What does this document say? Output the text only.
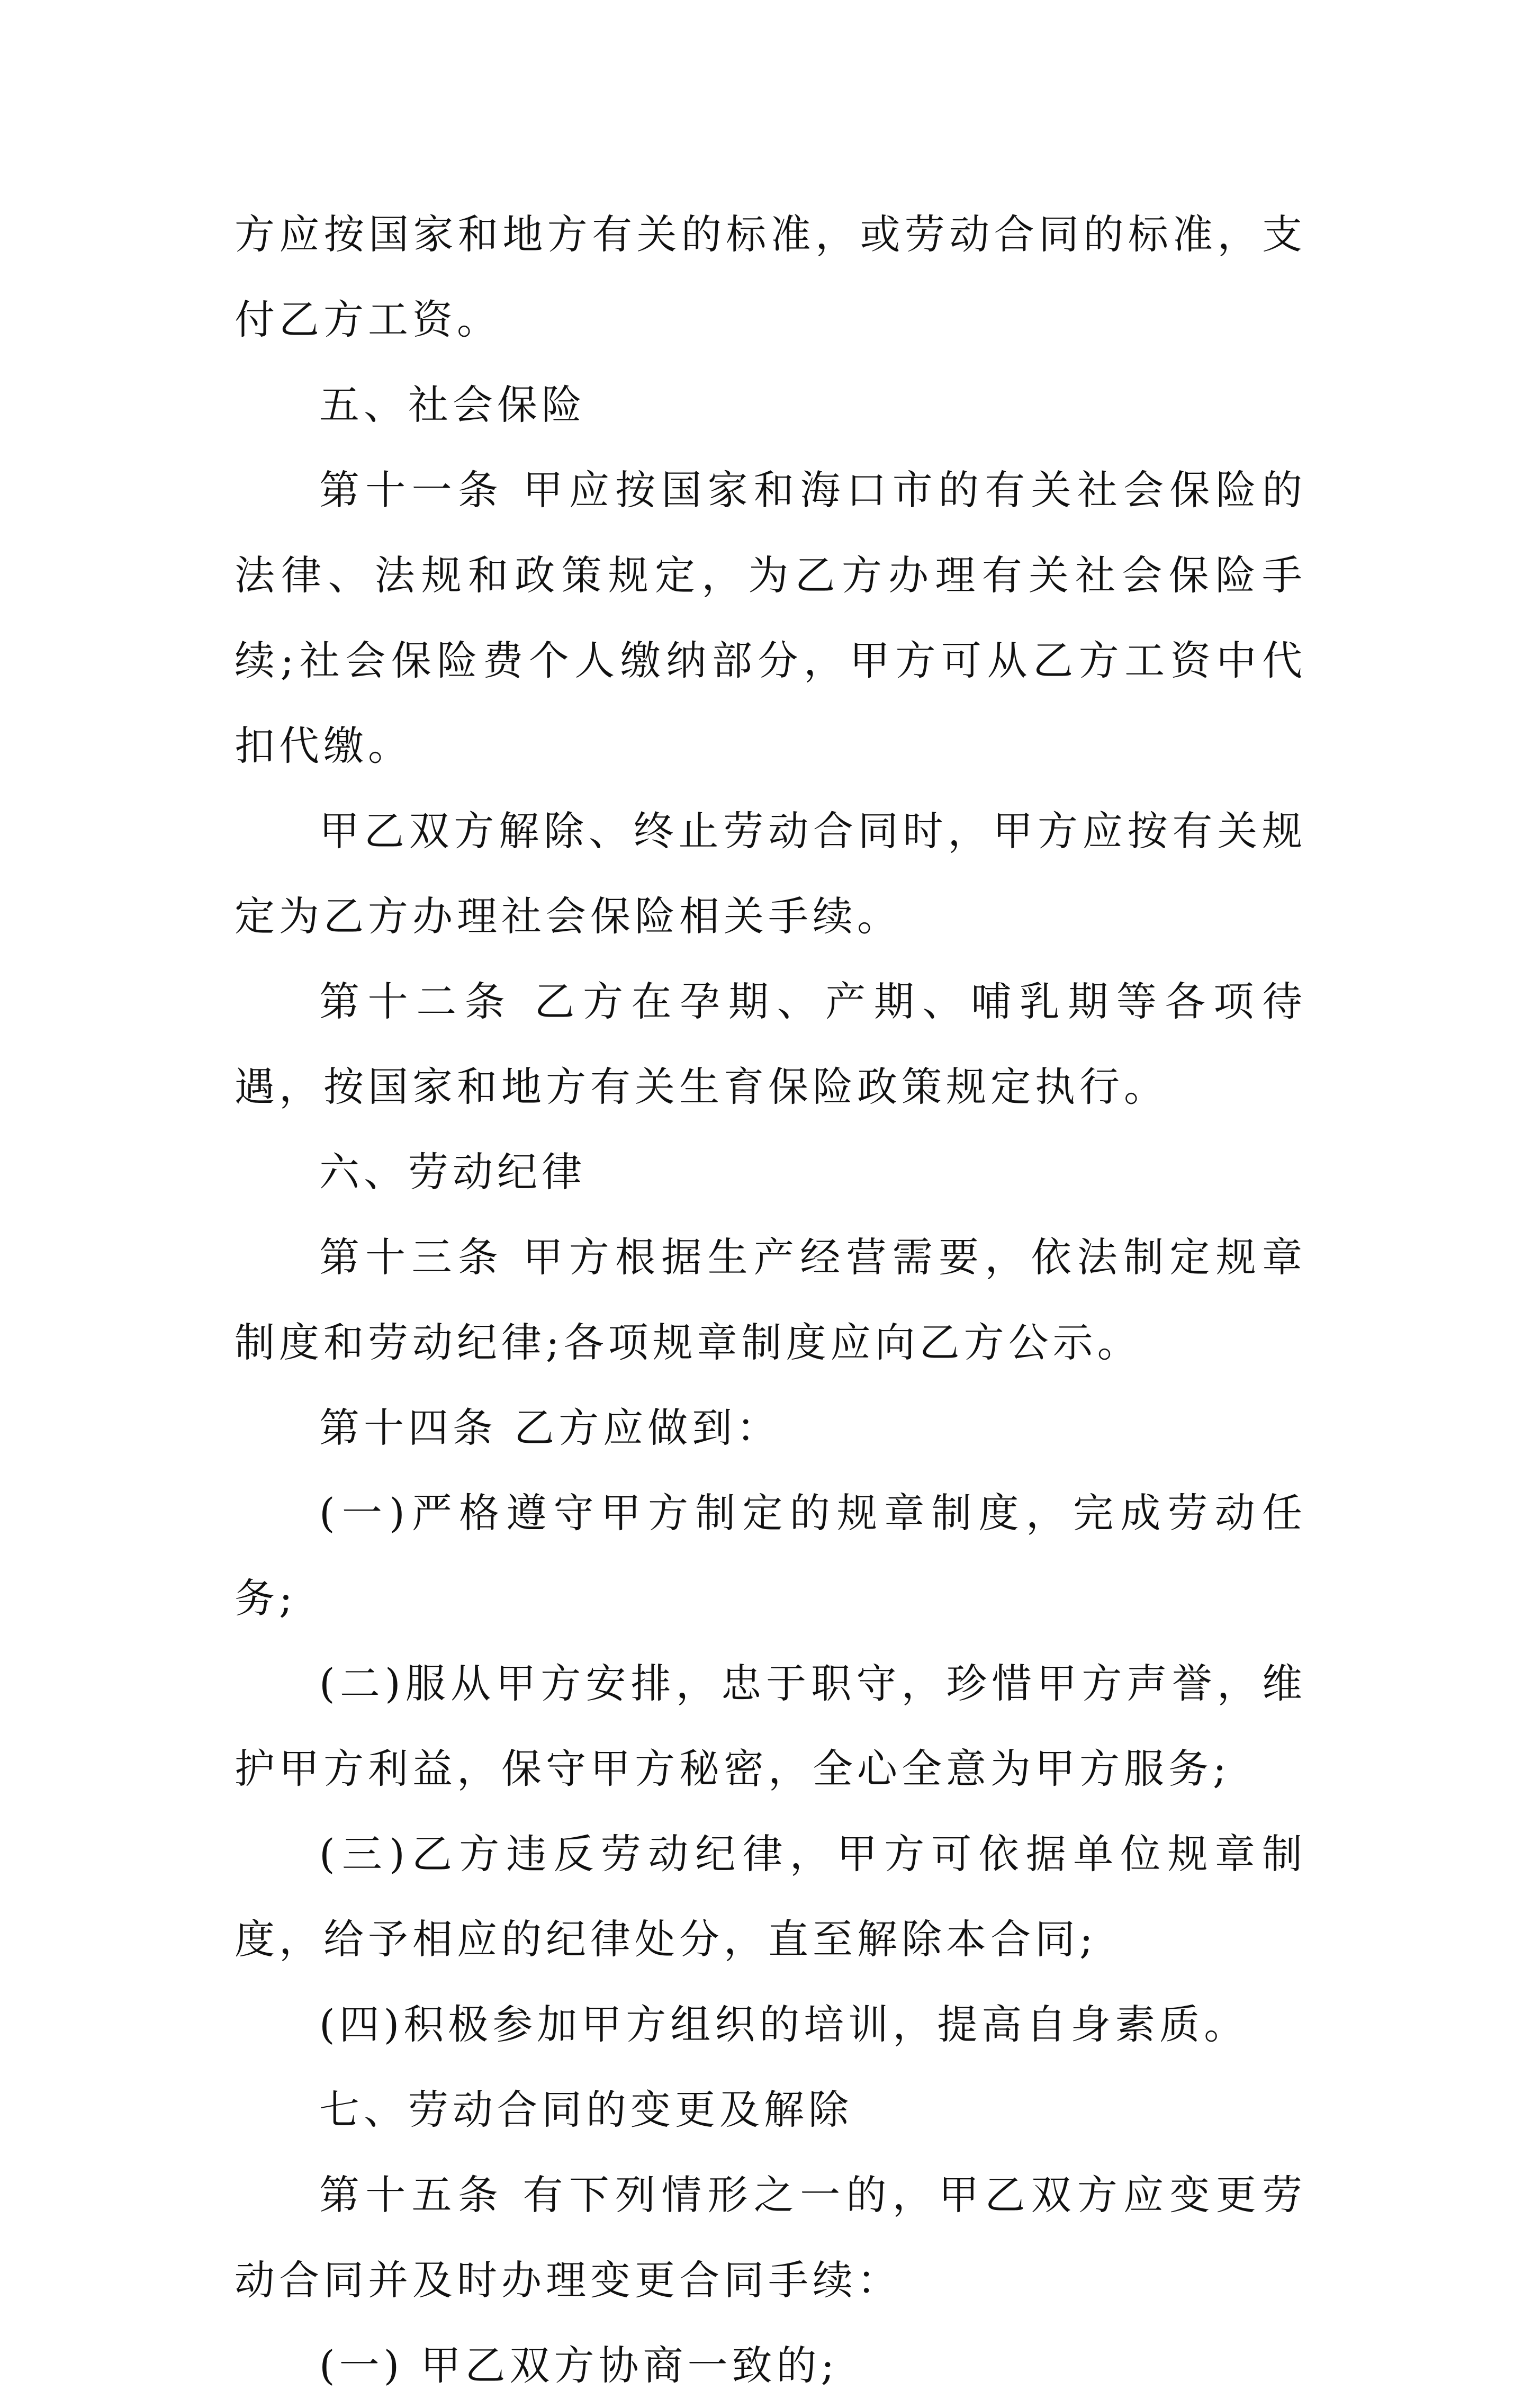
方应按国家和地方有关的标准，或劳动合同的标准，支付乙方工资。

五、社会保险

第十一条 甲应按国家和海口市的有关社会保险的法律、法规和政策规定，为乙方办理有关社会保险手续;社会保险费个人缴纳部分，甲方可从乙方工资中代扣代缴。

甲乙双方解除、终止劳动合同时，甲方应按有关规定为乙方办理社会保险相关手续。

第十二条 乙方在孕期、产期、哺乳期等各项待遇，按国家和地方有关生育保险政策规定执行。

六、劳动纪律

第十三条 甲方根据生产经营需要，依法制定规章制度和劳动纪律;各项规章制度应向乙方公示。

第十四条 乙方应做到：

(一)严格遵守甲方制定的规章制度，完成劳动任务;

(二)服从甲方安排，忠于职守，珍惜甲方声誉，维护甲方利益，保守甲方秘密，全心全意为甲方服务;

(三)乙方违反劳动纪律，甲方可依据单位规章制度，给予相应的纪律处分，直至解除本合同;

(四)积极参加甲方组织的培训，提高自身素质。

七、劳动合同的变更及解除

第十五条 有下列情形之一的，甲乙双方应变更劳动合同并及时办理变更合同手续：

(一) 甲乙双方协商一致的;
